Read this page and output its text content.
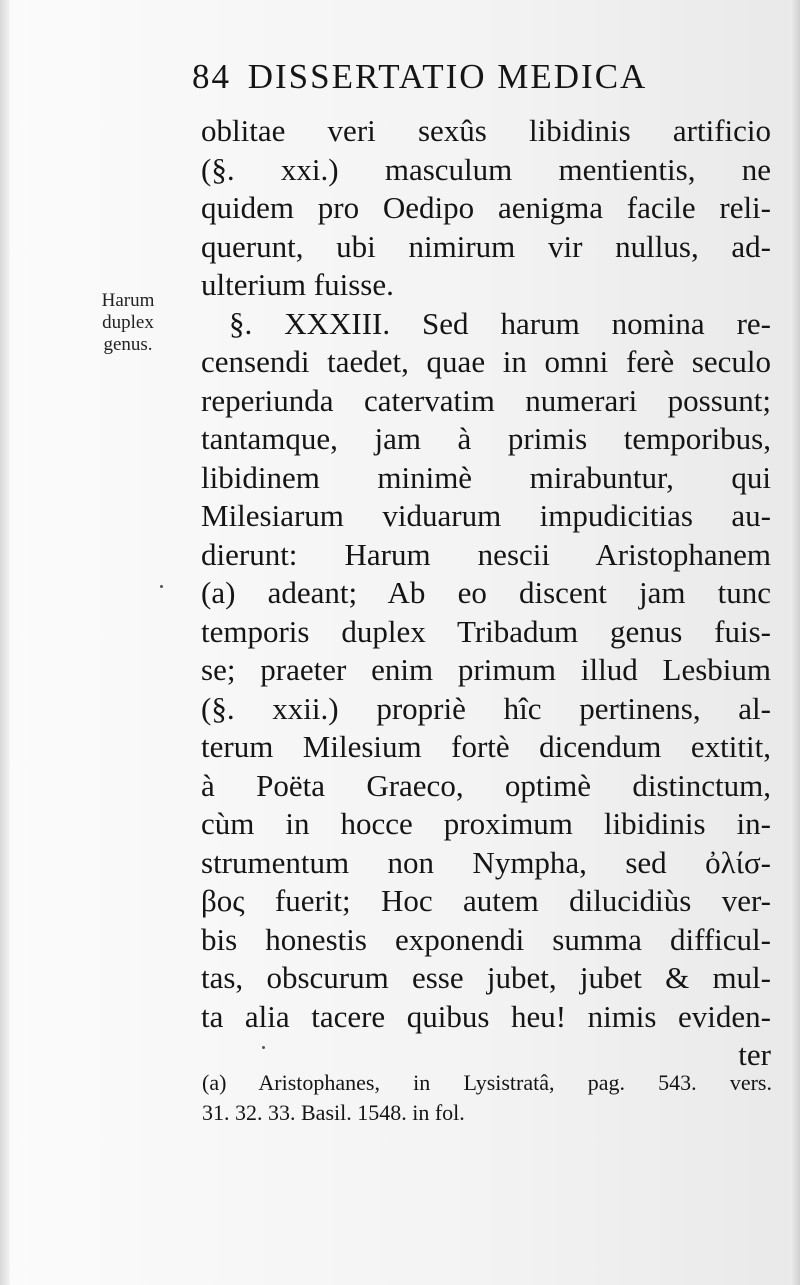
84 DISSERTATIO MEDICA
Harum
duplex
genus.
oblitae veri sexûs libidinis artificio
(§. xxi.) masculum mentientis, ne
quidem pro Oedipo aenigma facile reli-
querunt, ubi nimirum vir nullus, ad-
ulterium fuisse.
§. XXXIII. Sed harum nomina re-
censendi taedet, quae in omni ferè seculo
reperiunda catervatim numerari possunt;
tantamque, jam à primis temporibus,
libidinem minimè mirabuntur, qui
Milesiarum viduarum impudicitias au-
dierunt: Harum nescii Aristophanem
(a) adeant; Ab eo discent jam tunc
temporis duplex Tribadum genus fuis-
se; praeter enim primum illud Lesbium
(§. xxii.) propriè hîc pertinens, al-
terum Milesium fortè dicendum extitit,
à Poëta Graeco, optimè distinctum,
cùm in hocce proximum libidinis in-
strumentum non Nympha, sed ὀλίσ-
βος fuerit; Hoc autem dilucidiùs ver-
bis honestis exponendi summa difficul-
tas, obscurum esse jubet, jubet & mul-
ta alia tacere quibus heu! nimis eviden-
ter
(a) Aristophanes, in Lysistratâ, pag. 543. vers.
31. 32. 33. Basil. 1548. in fol.
